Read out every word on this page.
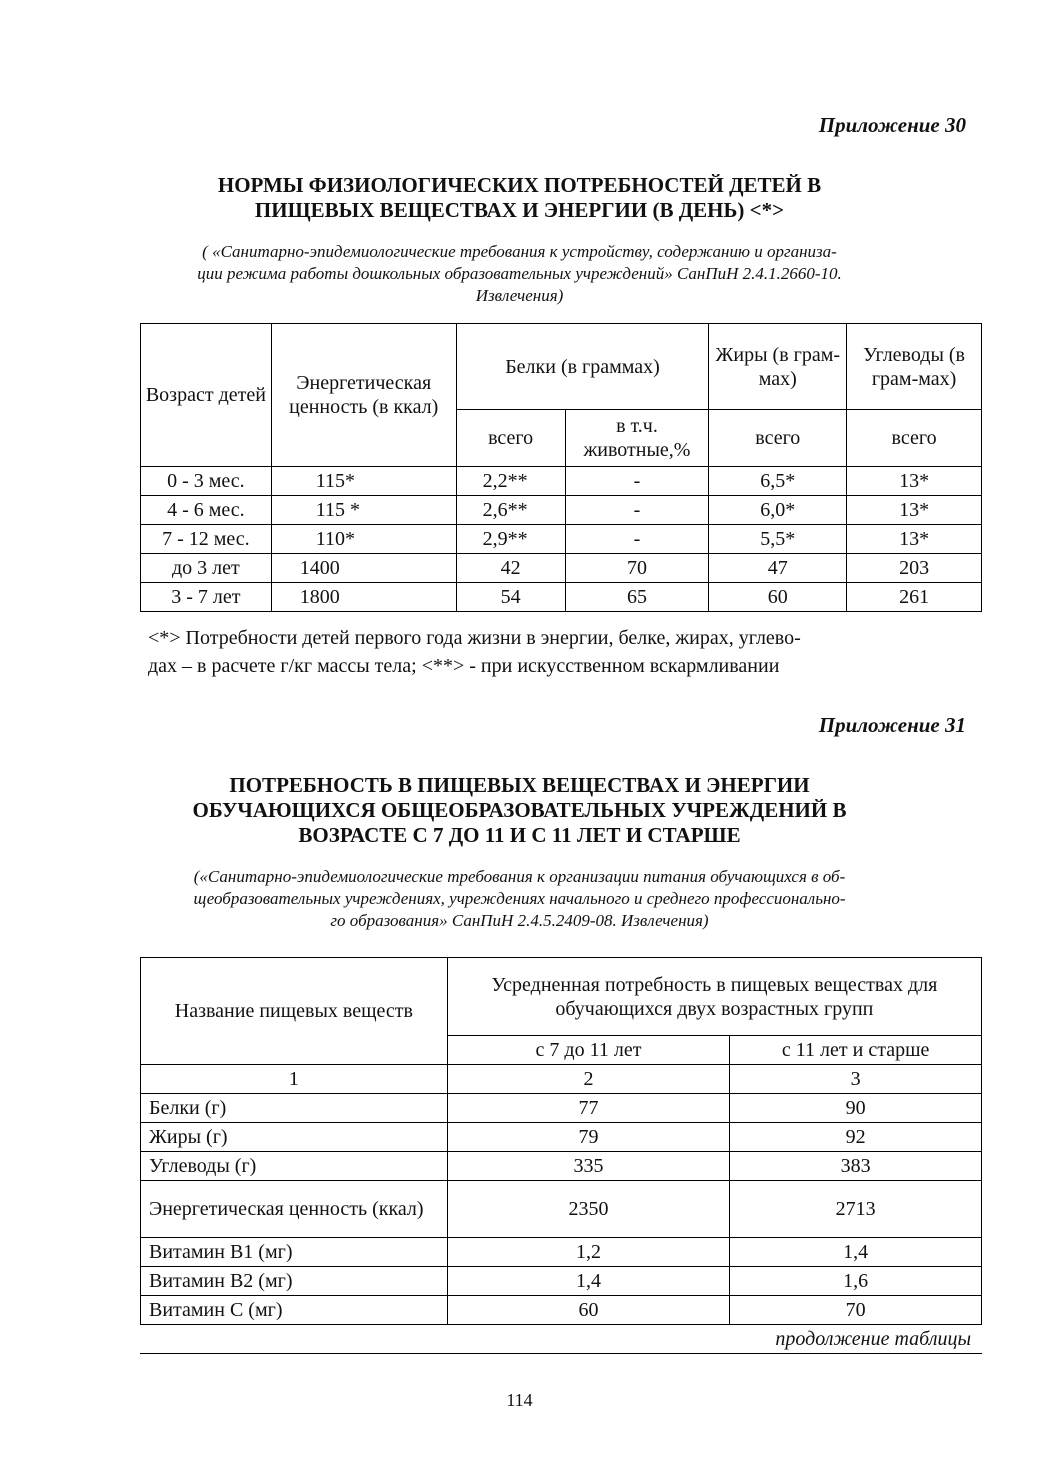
Приложение 30
НОРМЫ ФИЗИОЛОГИЧЕСКИХ ПОТРЕБНОСТЕЙ ДЕТЕЙ В
ПИЩЕВЫХ ВЕЩЕСТВАХ И ЭНЕРГИИ (В ДЕНЬ) <*>
( «Санитарно-эпидемиологические требования к устройству, содержанию и организа-
ции режима работы дошкольных образовательных учреждений» СанПиН 2.4.1.2660-10.
Извлечения)
Возраст детей	Энергетическая ценность (в ккал)	Белки (в граммах)		Жиры (в грам-мах)	Углеводы (в грам-мах)
		всего	в т.ч. животные,%	всего	всего
0 - 3 мес.	115*	2,2**	-	6,5*	13*
4 - 6 мес.	115 *	2,6**	-	6,0*	13*
7 - 12 мес.	110*	2,9**	-	5,5*	13*
до 3 лет	1400	42	70	47	203
3 - 7 лет	1800	54	65	60	261
<*> Потребности детей первого года жизни в энергии, белке, жирах, углево-
дах – в расчете г/кг массы тела; <**> - при искусственном вскармливании
Приложение 31
ПОТРЕБНОСТЬ В ПИЩЕВЫХ ВЕЩЕСТВАХ И ЭНЕРГИИ
ОБУЧАЮЩИХСЯ ОБЩЕОБРАЗОВАТЕЛЬНЫХ УЧРЕЖДЕНИЙ В
ВОЗРАСТЕ С 7 ДО 11 И С 11 ЛЕТ И СТАРШЕ
(«Санитарно-эпидемиологические требования к организации питания обучающихся в об-
щеобразовательных учреждениях, учреждениях начального и среднего профессионально-
го образования» СанПиН 2.4.5.2409-08. Извлечения)
Название пищевых веществ	Усредненная потребность в пищевых веществах для обучающихся двух возрастных групп	
	с 7 до 11 лет	с 11 лет и старше
1	2	3
Белки (г)	77	90
Жиры (г)	79	92
Углеводы (г)	335	383
Энергетическая ценность (ккал)	2350	2713
Витамин В1 (мг)	1,2	1,4
Витамин В2 (мг)	1,4	1,6
Витамин С (мг)	60	70
продолжение таблицы
114
